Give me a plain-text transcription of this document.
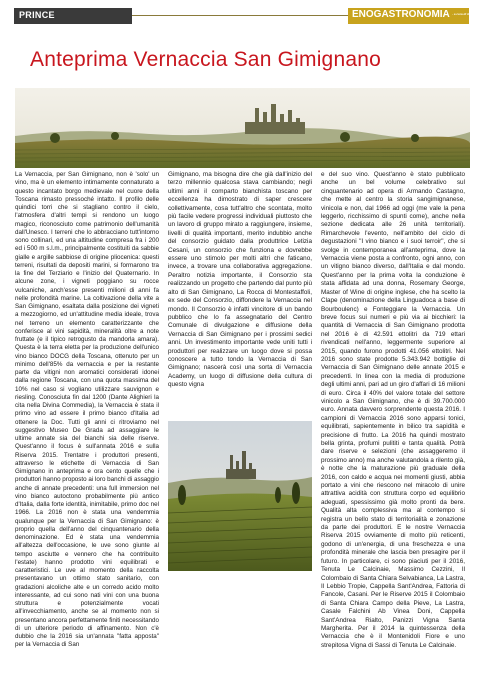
PRINCE	ENOGASTRONOMIA - a cura di Alessandra Flubello
Anteprima Vernaccia San Gimignano

La Vernaccia, per San Gimignano, non è 'solo' un vino, ma è un elemento intimamente connaturato a questo incantato borgo medievale nel cuore della Toscana rimasto pressoché intatto. Il profilo delle quindici torri che si stagliano contro il cielo, l'atmosfera d'altri tempi si rendono un luogo magico, riconosciuto come patrimonio dell'umanità dall'Unesco. I terreni che lo abbracciano tutt'intorno sono collinari, ed una altitudine compresa fra i 200 ed i 500 m s.l.m., principalmente costituiti da sabbie gialle e argille sabbiose di origine pliocenica: questi terreni, risultati da depositi marini, si formarono tra la fine del Terziario e l'inizio del Quaternario. In alcune zone, i vigneti poggiano su rocce vulcaniche, anch'esse presenti milioni di anni fa nelle profondità marine. La coltivazione della vite a San Gimignano, esaltata dalla posizione dei vigneti a mezzogiorno, ed un'attitudine media ideale, trova nel terreno un elemento caratterizzante che conferisce al vini sapidità, mineralità oltre a note fruttate (e il tipico retrogusto da mandorla amara). Questa è la terra eletta per la produzione dell'unico vino bianco DOCG della Toscana, ottenuto per un minimo dell'85% da vernaccia e per la restante parte da vitigni non aromatici considerati idonei dalla regione Toscana, con una quota massima del 10% nel caso si vogliano utilizzare sauvignon e riesling. Conosciuta fin dal 1200 (Dante Alighieri la cita nella Divina Commedia), la Vernaccia è stata il primo vino ad essere il primo bianco d'Italia ad ottenere la Doc. Tutti gli anni ci ritroviamo nel suggestivo Museo De Grada ad assaggiare le ultime annate sia del bianchi sia delle riserve. Quest'anno il focus è sull'annata 2016 e sulla Riserva 2015. Trentatre i produttori presenti, attraverso le etichette di Vernaccia di San Gimignano in anteprima e ora cento quelle che i produttori hanno proposto ai loro banchi di assaggio anche di annate precedenti: una full immersion nel vino bianco autoctono probabilmente più antico d'Italia, dalla forte identità, inimitabile, primo doc nel 1966. La 2016 non è stata una vendemmia qualunque per la Vernaccia di San Gimignano: è proprio quella dell'anno del cinquantenario della denominazione. Ed è stata una vendemmia all'altezza dell'occasione, le uve sono giunte al tempo asciutte e vennero che ha contribuito l'estate) hanno prodotto vini equilibrati e caratteristici. Le uve al momento della raccolta presentavano un ottimo stato sanitario, con gradazioni alcoliche alte e un corredo acido molto interessante, ad cui sono nati vini con una buona struttura e potenzialmente vocati all'invecchiamento, anche se al momento non si presentano ancora perfettamente finiti necessitando di un ulteriore periodo di affinamento. Non c'è dubbio che la 2016 sia un'annata "fatta apposta" per la Vernaccia di San

Gimignano, ma bisogna dire che già dall'inizio del terzo millennio qualcosa stava cambiando; negli ultimi anni il comparto bianchista toscano per eccellenza ha dimostrato di saper crescere collettivamente, cosa tutt'altro che scontata, molto più facile vedere progressi individuali piuttosto che un lavoro di gruppo mirato a raggiungere, insieme, livelli di qualità importanti, merito indubbio anche del consorzio guidato dalla produttrice Letizia Cesani, un consorzio che funziona e dovrebbe essere uno stimolo per molti altri che faticano, invece, a trovare una collaborativa aggregazione. Peraltro notizia importante, il Consorzio sta realizzando un progetto che partendo dal punto più alto di San Gimignano, La Rocca di Montestaffoli, ex sede del Consorzio, diffondere la Vernaccia nel mondo. Il Consorzio è infatti vincitore di un bando pubblico che lo fa assegnatario del Centro Comunale di divulgazione e diffusione della Vernaccia di San Gimignano per i prossimi sedici anni. Un investimento importante vede uniti tutti i produttori per realizzare un luogo dove si possa conoscere a tutto tondo la Vernaccia di San Gimignano; nascerà così una sorta di Vernaccia Academy, un luogo di diffusione della cultura di questo vigna

e del suo vino. Quest'anno è stato pubblicato anche un bel volume celebrativo sul cinquantenario ad opera di Armando Castagno, che mette al centro la storia sangimignanese, vinicola e non, dal 1966 ad oggi (me vale la pena leggerlo, ricchissimo di spunti come), anche nella sezione dedicata alle 26 unità territoriali). Rimarchevole l'evento, nell'ambito del ciclo di degustazioni "I vino bianco e i suoi terroir", che si svolge in contemporanea all'anteprima, dove la Vernaccia viene posta a confronto, ogni anno, con un vitigno bianco diverso, dall'Italia e dal mondo. Quest'anno per la prima volta la conduzione è stata affidata ad una donna, Rosemary George, Master of Wine di origine inglese, che ha scelto la Clape (denominazione della Linguadoca a base di Bourboulenc) e Fonteggiare la Vernaccia. Un breve focus sui numeri e più via ai bicchieri: la quantità di Vernaccia di San Gimignano prodotta nel 2016 è di 42.591 ettolitri da 719 ettari rivendicati nell'anno, leggermente superiore al 2015, quando furono prodotti 41.056 ettolitri. Nel 2016 sono state prodotte 5.343.942 bottiglie di Vernaccia di San Gimignano delle annate 2015 e precedenti. In linea con la media di produzione degli ultimi anni, pari ad un giro d'affari di 16 milioni di euro. Circa il 40% del valore totale del settore vinicolo a San Gimignano, che è di 39.700.000 euro. Annata davvero sorprendente questa 2016. I campioni di Vernaccia 2016 sono apparsi tonici, equilibrati, sapientemente in bilico tra sapidità e precisione di frutto. La 2016 ha quindi mostrato bella grinta, profumi pulititi e tanta qualità. Potrà dare riserve e selezioni (che assaggeremo il prossimo anno) ma anche valutandola a rilento già, è notte che la maturazione più graduale della 2016, con caldo e acqua nei momenti giusti, abbia portato a vini che riescono nel miracolo di unire attrattiva acidità con struttura corpo ed equilibrio adeguati, spessissimo già molto pronti da bere. Qualità alta complessiva ma al contempo si registra un bello stato di territorialità e zonazione da parte dei produttori. E le nostre Vernaccia Riserva 2015 ovviamente di molto più reticenti, godono di un'energia, di una freschezza e una profondità minerale che lascia ben presagire per il futuro. In particolare, ci sono piaciuti per il 2016, Tenuta Le Calcinaie, Massimo Cezzini, Il Colombaio di Santa Chiara Selvabianca, La Lastra, Il Lebbio Tropie, Cappella Sant'Andrea, Fattoria di Fancole, Casani. Per le Riserve 2015 il Colombaio di Santa Chiara Campo della Pieve, La Lastra, Casale Falchini Ab Vinea Doni, Cappella Sant'Andrea Rialto, Panizzi Vigna Santa Margherita. Per il 2014 la quintessenza della Vernaccia che è il Montenidoli Fiore e uno strepitosa Vigna di Sassi di Tenuta Le Calcinaie.
